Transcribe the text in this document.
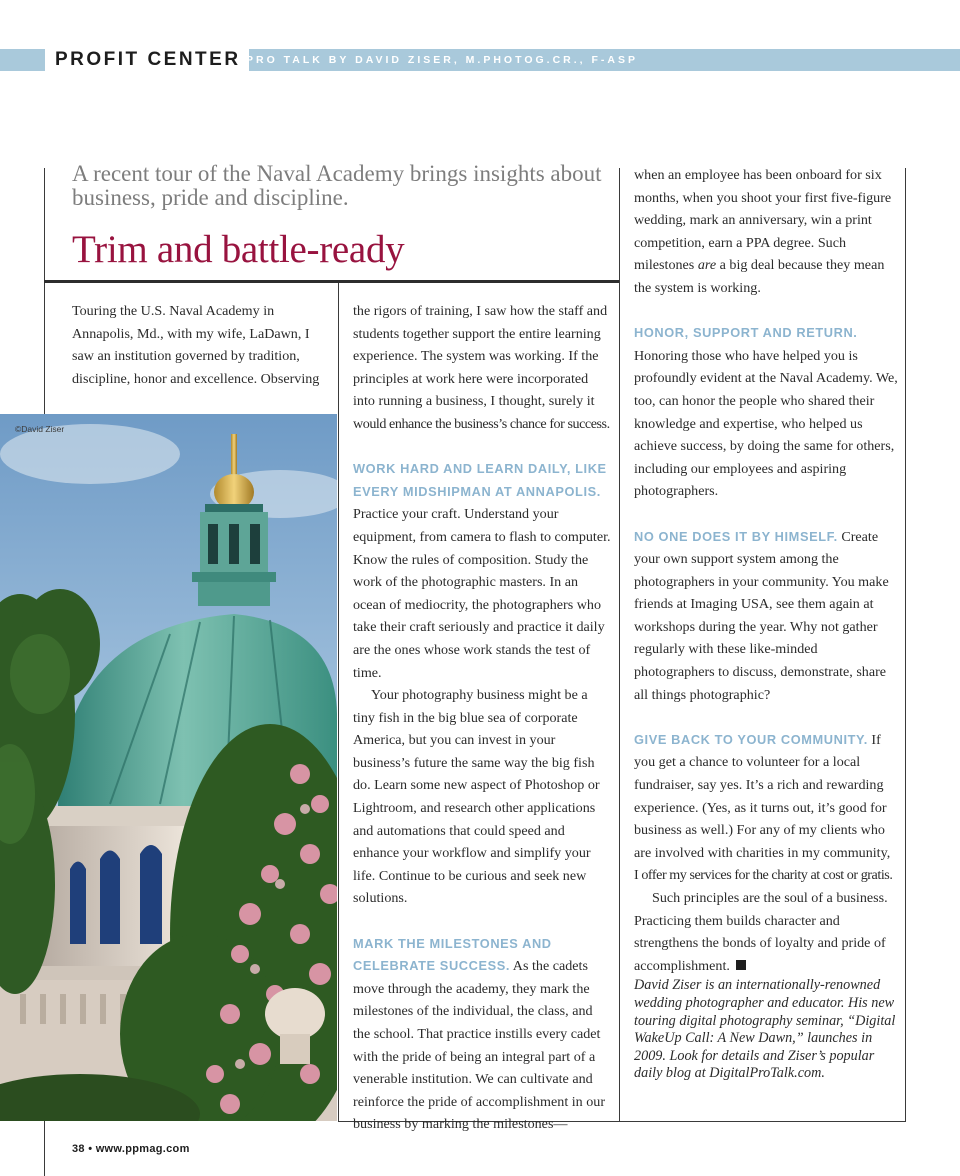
PROFIT CENTER PRO TALK BY DAVID ZISER, M.PHOTOG.CR., F-ASP
A recent tour of the Naval Academy brings insights about business, pride and discipline.
Trim and battle-ready

Touring the U.S. Naval Academy in Annapolis, Md., with my wife, LaDawn, I saw an institution governed by tradition, discipline, honor and excellence. Observing

©David Ziser

the rigors of training, I saw how the staff and students together support the entire learning experience. The system was working. If the principles at work here were incorporated into running a business, I thought, surely it would enhance the business’s chance for success.

WORK HARD AND LEARN DAILY, LIKE EVERY MIDSHIPMAN AT ANNAPOLIS. Practice your craft. Understand your equipment, from camera to flash to computer. Know the rules of composition. Study the work of the photographic masters. In an ocean of mediocrity, the photographers who take their craft seriously and practice it daily are the ones whose work stands the test of time.

Your photography business might be a tiny fish in the big blue sea of corporate America, but you can invest in your business’s future the same way the big fish do. Learn some new aspect of Photoshop or Lightroom, and research other applications and automations that could speed and enhance your workflow and simplify your life. Continue to be curious and seek new solutions.

MARK THE MILESTONES AND CELEBRATE SUCCESS. As the cadets move through the academy, they mark the milestones of the individual, the class, and the school. That practice instills every cadet with the pride of being an integral part of a venerable institution. We can cultivate and reinforce the pride of accomplishment in our business by marking the milestones—

when an employee has been onboard for six months, when you shoot your first five-figure wedding, mark an anniversary, win a print competition, earn a PPA degree. Such milestones are a big deal because they mean the system is working.

HONOR, SUPPORT AND RETURN.
Honoring those who have helped you is profoundly evident at the Naval Academy. We, too, can honor the people who shared their knowledge and expertise, who helped us achieve success, by doing the same for others, including our employees and aspiring photographers.

NO ONE DOES IT BY HIMSELF. Create your own support system among the photographers in your community. You make friends at Imaging USA, see them again at workshops during the year. Why not gather regularly with these like-minded photographers to discuss, demonstrate, share all things photographic?

GIVE BACK TO YOUR COMMUNITY. If you get a chance to volunteer for a local fundraiser, say yes. It’s a rich and rewarding experience. (Yes, as it turns out, it’s good for business as well.) For any of my clients who are involved with charities in my community, I offer my services for the charity at cost or gratis.

Such principles are the soul of a business. Practicing them builds character and strengthens the bonds of loyalty and pride of accomplishment.

David Ziser is an internationally-renowned wedding photographer and educator. His new touring digital photography seminar, “Digital WakeUp Call: A New Dawn,” launches in 2009. Look for details and Ziser’s popular daily blog at DigitalProTalk.com.

38 • www.ppmag.com
